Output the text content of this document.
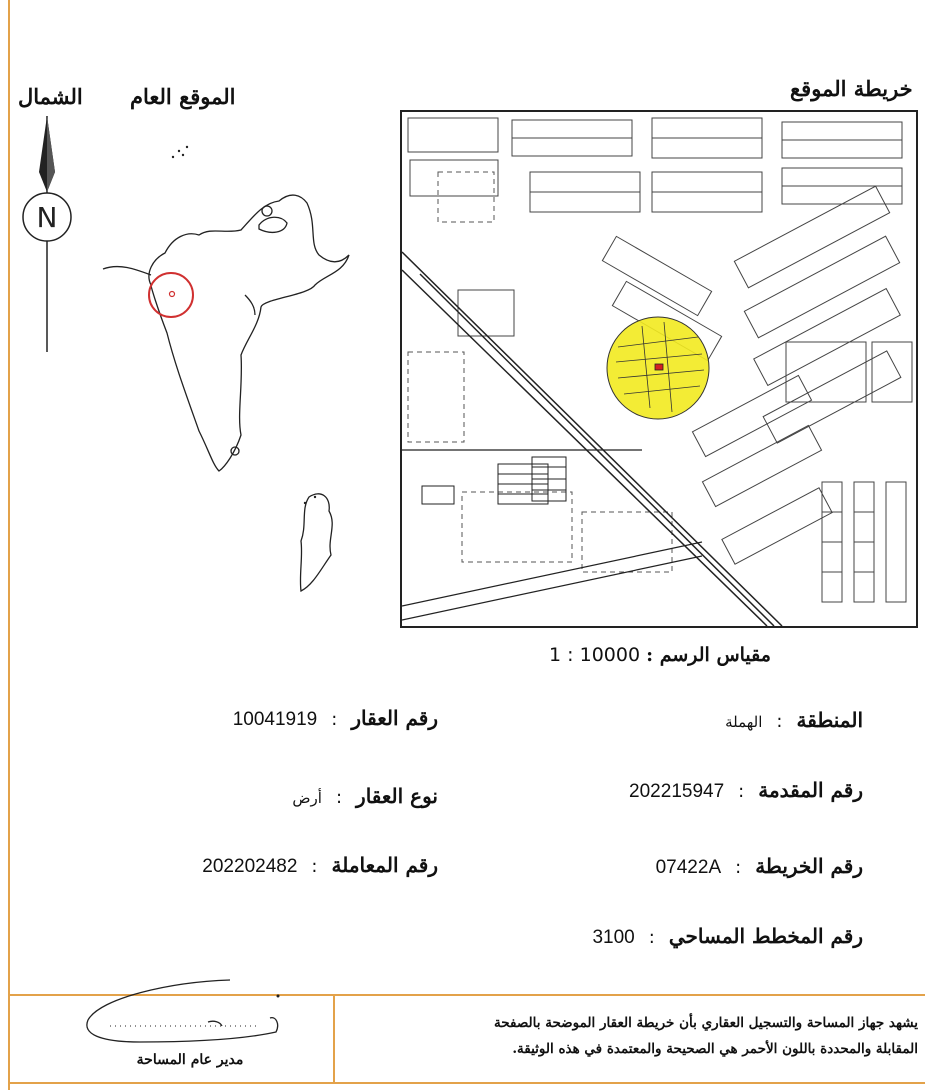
الشمال الموقع العام	خريطة الموقع
N
مقياس الرسم : 1 : 10000
المنطقة:الهملة
رقم المقدمة:202215947
رقم الخريطة:07422A
رقم المخطط المساحي:3100
رقم العقار:10041919
نوع العقار:أرض
رقم المعاملة:202202482
يشهد جهاز المساحة والتسجيل العقاري بأن خريطة العقار الموضحة بالصفحة
المقابلة والمحددة باللون الأحمر هي الصحيحة والمعتمدة في هذه الوثيقة.
مدير عام المساحة
